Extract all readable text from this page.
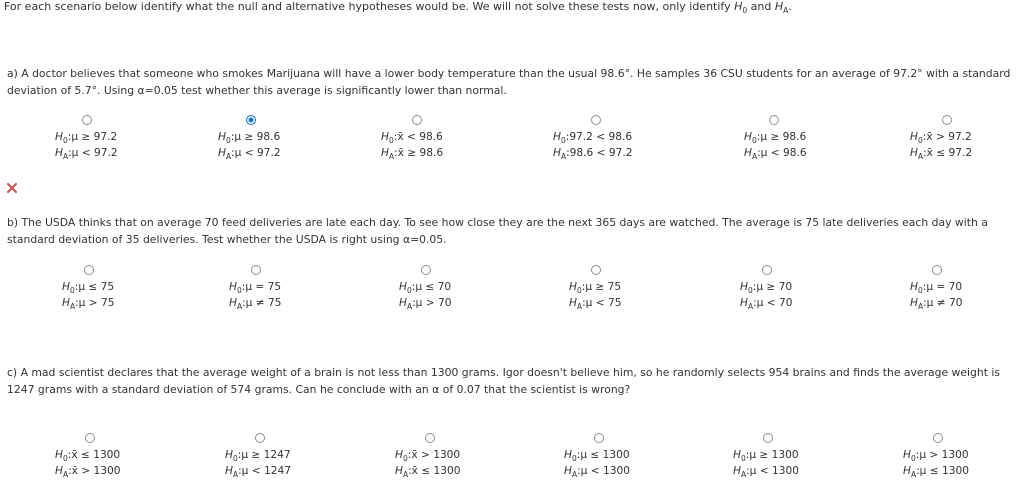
For each scenario below identify what the null and alternative hypotheses would be. We will not solve these tests now, only identify $H_0$ and $H_A$.
a) A doctor believes that someone who smokes Marijuana will have a lower body temperature than the usual 98.6°. He samples 36 CSU students for an average of 97.2° with a standard deviation of 5.7°. Using α=0.05 test whether this average is significantly lower than normal.
$H_0:\mu \ge 97.2$
$H_A:\mu < 97.2$
$H_0:\mu \ge 98.6$
$H_A:\mu < 97.2$
$H_0:x̄ < 98.6$
$H_A:x̄ \ge 98.6$
$H_0:97.2 < 98.6$
$H_A:98.6 < 97.2$
$H_0:\mu \ge 98.6$
$H_A:\mu < 98.6$
$H_0:x̄ > 97.2$
$H_A:x̄ \le 97.2$
b) The USDA thinks that on average 70 feed deliveries are late each day. To see how close they are the next 365 days are watched. The average is 75 late deliveries each day with a standard deviation of 35 deliveries. Test whether the USDA is right using α=0.05.
$H_0:\mu \le 75$
$H_A:\mu > 75$
$H_0:\mu = 75$
$H_A:\mu \ne 75$
$H_0:\mu \le 70$
$H_A:\mu > 70$
$H_0:\mu \ge 75$
$H_A:\mu < 75$
$H_0:\mu \ge 70$
$H_A:\mu < 70$
$H_0:\mu = 70$
$H_A:\mu \ne 70$
c) A mad scientist declares that the average weight of a brain is not less than 1300 grams. Igor doesn't believe him, so he randomly selects 954 brains and finds the average weight is 1247 grams with a standard deviation of 574 grams. Can he conclude with an α of 0.07 that the scientist is wrong?
$H_0:x̄ \le 1300$
$H_A:x̄ > 1300$
$H_0:\mu \ge 1247$
$H_A:\mu < 1247$
$H_0:x̄ > 1300$
$H_A:x̄ \le 1300$
$H_0:\mu \le 1300$
$H_A:\mu < 1300$
$H_0:\mu \ge 1300$
$H_A:\mu < 1300$
$H_0:\mu > 1300$
$H_A:\mu \le 1300$
